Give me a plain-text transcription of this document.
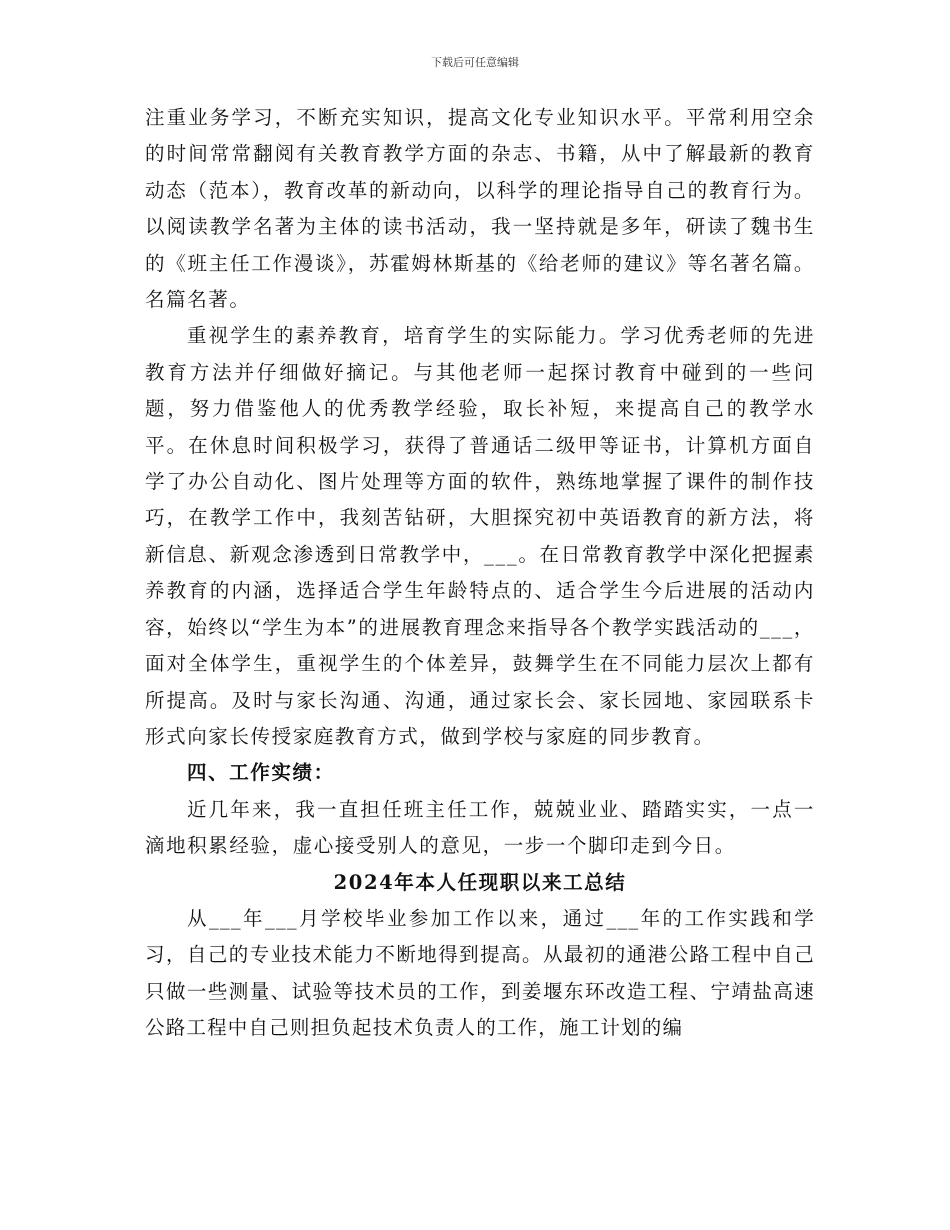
下载后可任意编辑

注重业务学习，不断充实知识，提高文化专业知识水平。平常利用空余的时间常常翻阅有关教育教学方面的杂志、书籍，从中了解最新的教育动态（范本），教育改革的新动向，以科学的理论指导自己的教育行为。以阅读教学名著为主体的读书活动，我一坚持就是多年，研读了魏书生的《班主任工作漫谈》，苏霍姆林斯基的《给老师的建议》等名著名篇。名篇名著。

重视学生的素养教育，培育学生的实际能力。学习优秀老师的先进教育方法并仔细做好摘记。与其他老师一起探讨教育中碰到的一些问题，努力借鉴他人的优秀教学经验，取长补短，来提高自己的教学水平。在休息时间积极学习，获得了普通话二级甲等证书，计算机方面自学了办公自动化、图片处理等方面的软件，熟练地掌握了课件的制作技巧，在教学工作中，我刻苦钻研，大胆探究初中英语教育的新方法，将新信息、新观念渗透到日常教学中，___。在日常教育教学中深化把握素养教育的内涵，选择适合学生年龄特点的、适合学生今后进展的活动内容，始终以“学生为本”的进展教育理念来指导各个教学实践活动的___，面对全体学生，重视学生的个体差异，鼓舞学生在不同能力层次上都有所提高。及时与家长沟通、沟通，通过家长会、家长园地、家园联系卡形式向家长传授家庭教育方式，做到学校与家庭的同步教育。

四、工作实绩：

近几年来，我一直担任班主任工作，兢兢业业、踏踏实实，一点一滴地积累经验，虚心接受别人的意见，一步一个脚印走到今日。

2024年本人任现职以来工总结

从___年___月学校毕业参加工作以来，通过___年的工作实践和学习，自己的专业技术能力不断地得到提高。从最初的通港公路工程中自己只做一些测量、试验等技术员的工作，到姜堰东环改造工程、宁靖盐高速公路工程中自己则担负起技术负责人的工作，施工计划的编
